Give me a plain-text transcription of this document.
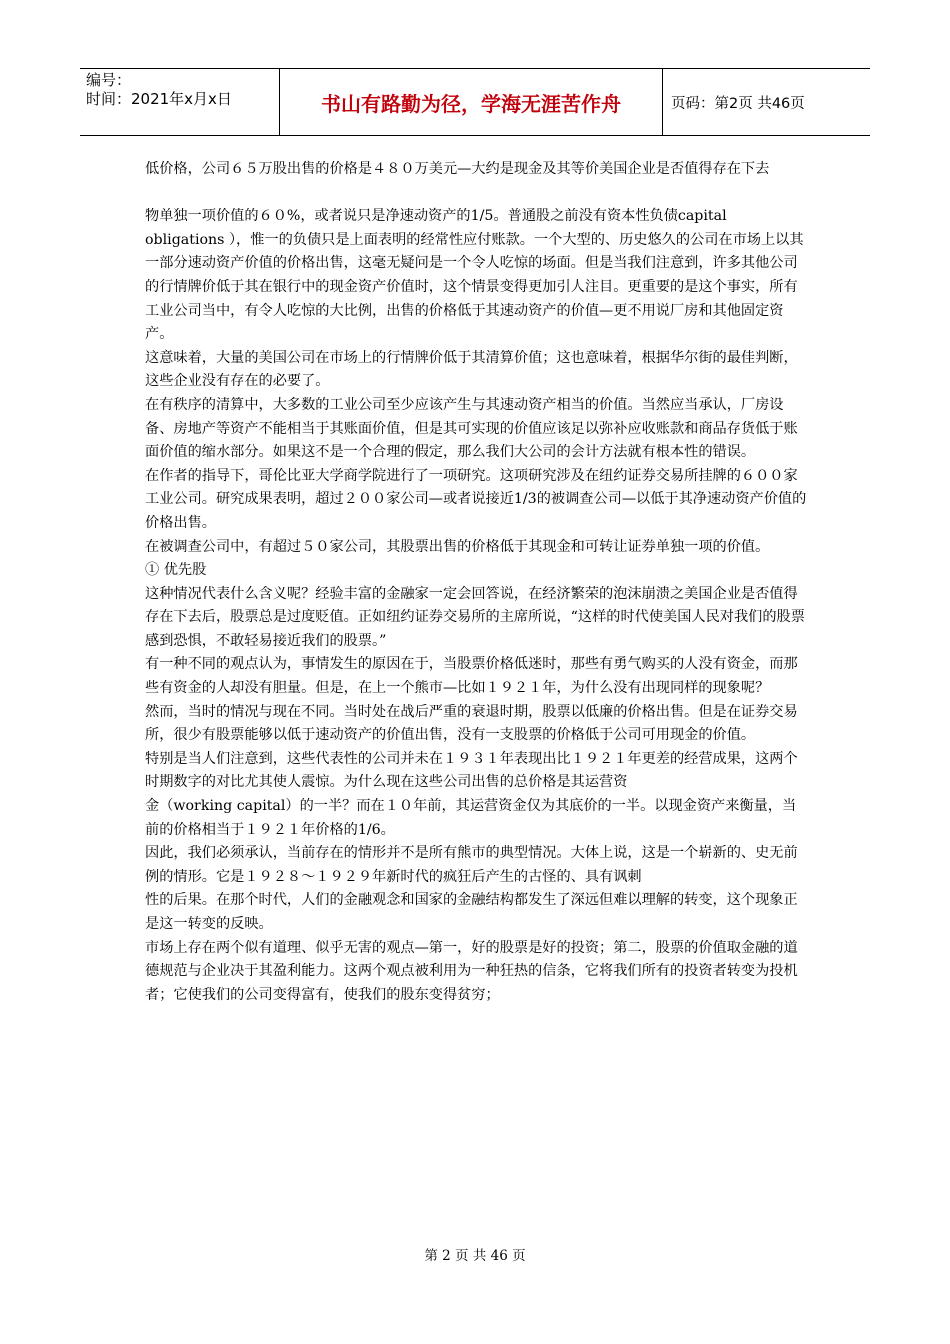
编号：
时间：2021年x月x日	书山有路勤为径，学海无涯苦作舟	页码：第2页 共46页

低价格，公司６５万股出售的价格是４８０万美元—大约是现金及其等价美国企业是否值得存在下去

物单独一项价值的６０%，或者说只是净速动资产的1/5。普通股之前没有资本性负债capital obligations ），惟一的负债只是上面表明的经常性应付账款。一个大型的、历史悠久的公司在市场上以其一部分速动资产价值的价格出售，这毫无疑问是一个令人吃惊的场面。但是当我们注意到，许多其他公司的行情牌价低于其在银行中的现金资产价值时，这个情景变得更加引人注目。更重要的是这个事实，所有工业公司当中，有令人吃惊的大比例，出售的价格低于其速动资产的价值—更不用说厂房和其他固定资产。

这意味着，大量的美国公司在市场上的行情牌价低于其清算价值；这也意味着，根据华尔街的最佳判断，这些企业没有存在的必要了。

在有秩序的清算中，大多数的工业公司至少应该产生与其速动资产相当的价值。当然应当承认，厂房设备、房地产等资产不能相当于其账面价值，但是其可实现的价值应该足以弥补应收账款和商品存货低于账面价值的缩水部分。如果这不是一个合理的假定，那么我们大公司的会计方法就有根本性的错误。

在作者的指导下，哥伦比亚大学商学院进行了一项研究。这项研究涉及在纽约证券交易所挂牌的６００家工业公司。研究成果表明，超过２００家公司—或者说接近1/3的被调查公司—以低于其净速动资产价值的价格出售。

在被调查公司中，有超过５０家公司，其股票出售的价格低于其现金和可转让证券单独一项的价值。

① 优先股

这种情况代表什么含义呢？经验丰富的金融家一定会回答说，在经济繁荣的泡沫崩溃之美国企业是否值得存在下去后，股票总是过度贬值。正如纽约证券交易所的主席所说，“这样的时代使美国人民对我们的股票感到恐惧，不敢轻易接近我们的股票。”

有一种不同的观点认为，事情发生的原因在于，当股票价格低迷时，那些有勇气购买的人没有资金，而那些有资金的人却没有胆量。但是，在上一个熊市—比如１９２１年，为什么没有出现同样的现象呢？

然而，当时的情况与现在不同。当时处在战后严重的衰退时期，股票以低廉的价格出售。但是在证券交易所，很少有股票能够以低于速动资产的价值出售，没有一支股票的价格低于公司可用现金的价值。

特别是当人们注意到，这些代表性的公司并未在１９３１年表现出比１９２１年更差的经营成果，这两个时期数字的对比尤其使人震惊。为什么现在这些公司出售的总价格是其运营资

金（working capital）的一半？而在１０年前，其运营资金仅为其底价的一半。以现金资产来衡量，当前的价格相当于１９２１年价格的1/6。

因此，我们必须承认，当前存在的情形并不是所有熊市的典型情况。大体上说，这是一个崭新的、史无前例的情形。它是１９２８～１９２９年新时代的疯狂后产生的古怪的、具有讽刺

性的后果。在那个时代，人们的金融观念和国家的金融结构都发生了深远但难以理解的转变，这个现象正是这一转变的反映。

市场上存在两个似有道理、似乎无害的观点—第一，好的股票是好的投资；第二，股票的价值取金融的道德规范与企业决于其盈利能力。这两个观点被利用为一种狂热的信条，它将我们所有的投资者转变为投机者；它使我们的公司变得富有，使我们的股东变得贫穷；

第 2 页 共 46 页
